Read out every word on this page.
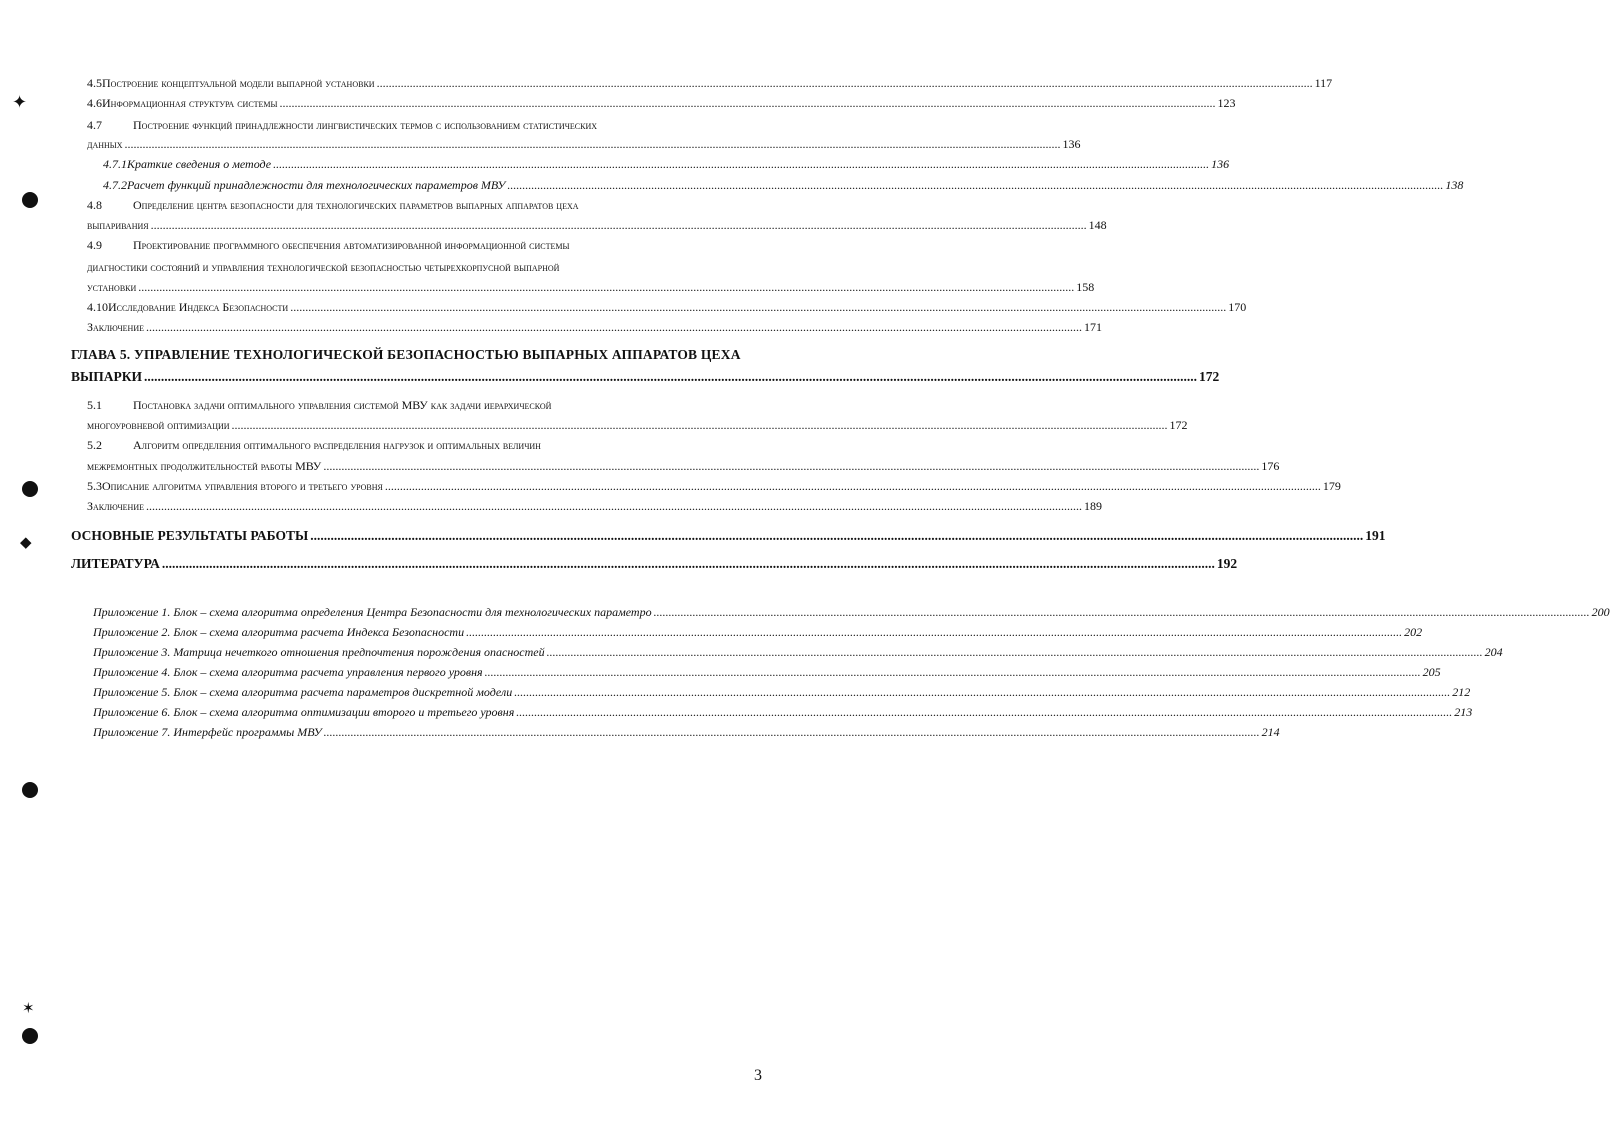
✦
◆
✶
4.5 Построение концептуальной модели выпарной установки .....	117
4.6 Информационная структура системы .....	123
4.7	Построение функций принадлежности лингвистических термов с использованием статистических
данных .....	136
4.7.1 Краткие сведения о методе .....	136
4.7.2 Расчет функций принадлежности для технологических параметров МВУ .....	138
4.8	Определение центра безопасности для технологических параметров выпарных аппаратов цеха
выпаривания .....	148
4.9	Проектирование программного обеспечения автоматизированной информационной системы
диагностики состояний и управления технологической безопасностью четырехкорпусной выпарной
установки .....	158
4.10 Исследование Индекса Безопасности .....	170
Заключение .....	171
ГЛАВА 5. УПРАВЛЕНИЕ ТЕХНОЛОГИЧЕСКОЙ БЕЗОПАСНОСТЬЮ ВЫПАРНЫХ АППАРАТОВ ЦЕХА
ВЫПАРКИ .....	172
5.1	Постановка задачи оптимального управления системой МВУ как задачи иерархической
многоуровневой оптимизации .....	172
5.2	Алгоритм определения оптимального распределения нагрузок и оптимальных величин
межремонтных продолжительностей работы МВУ .....	176
5.3 Описание алгоритма управления второго и третьего уровня .....	179
Заключение .....	189
ОСНОВНЫЕ РЕЗУЛЬТАТЫ РАБОТЫ .....	191
ЛИТЕРАТУРА .....	192
Приложение 1. Блок – схема алгоритма определения Центра Безопасности для технологических параметро .....	200
Приложение 2. Блок – схема алгоритма расчета Индекса Безопасности .....	202
Приложение 3. Матрица нечеткого отношения предпочтения порождения опасностей .....	204
Приложение 4. Блок – схема алгоритма расчета управления первого уровня .....	205
Приложение 5. Блок – схема алгоритма расчета параметров дискретной модели .....	212
Приложение 6. Блок – схема алгоритма оптимизации второго и третьего уровня .....	213
Приложение 7. Интерфейс программы МВУ .....	214
3
